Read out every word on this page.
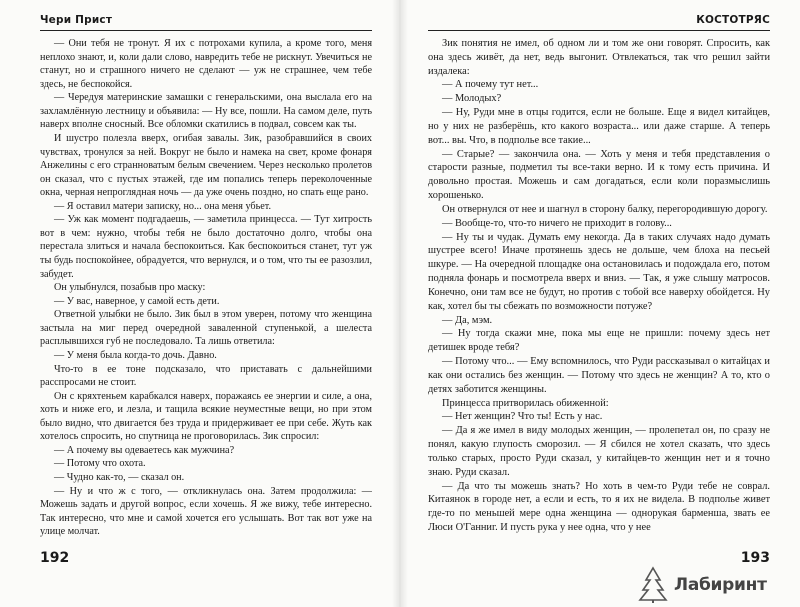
Чери Прист

— Они тебя не тронут. Я их с потрохами купила, а кроме того, меня неплохо знают, и, коли дали слово, навредить тебе не рискнут. Увечиться не станут, но и страшного ничего не сделают — уж не страшнее, чем тебе здесь, не беспокойся.

— Чередуя материнские замашки с генеральскими, она выслала его на захламлённую лестницу и объявила: — Ну все, пошли. На самом деле, путь наверх вполне сносный. Все обломки скатились в подвал, совсем как ты.

И шустро полезла вверх, огибая завалы. Зик, разобравшийся в своих чувствах, тронулся за ней. Вокруг не было и намека на свет, кроме фонаря Анжелины с его странноватым белым свечением. Через несколько пролетов он сказал, что с пустых этажей, где им попались теперь переколоченные окна, черная непроглядная ночь — да уже очень поздно, но спать еще рано.

— Я оставил матери записку, но... она меня убьет.

— Уж как момент подгадаешь, — заметила принцесса. — Тут хитрость вот в чем: нужно, чтобы тебя не было достаточно долго, чтобы она перестала злиться и начала беспокоиться. Как беспокоиться станет, тут уж ты будь поспокойнее, обрадуется, что вернулся, и о том, что ты ее разозлил, забудет.

Он улыбнулся, позабыв про маску:

— У вас, наверное, у самой есть дети.

Ответной улыбки не было. Зик был в этом уверен, потому что женщина застыла на миг перед очередной заваленной ступенькой, а шелеста расплывшихся губ не последовало. Та лишь ответила:

— У меня была когда-то дочь. Давно.

Что-то в ее тоне подсказало, что приставать с дальнейшими расспросами не стоит.

Он с кряхтеньем карабкался наверх, поражаясь ее энергии и силе, а она, хоть и ниже его, и лезла, и тащила всякие неуместные вещи, но при этом было видно, что двигается без труда и придерживает ее при себе. Жуть как хотелось спросить, но спутница не проговорилась. Зик спросил:

— А почему вы одеваетесь как мужчина?

— Потому что охота.

— Чудно как-то, — сказал он.

— Ну и что ж с того, — откликнулась она. Затем продолжила: — Можешь задать и другой вопрос, если хочешь. Я же вижу, тебе интересно. Так интересно, что мне и самой хочется его услышать. Вот так вот уже на улице молчат.

192
КОСТОТРЯС

Зик понятия не имел, об одном ли и том же они говорят. Спросить, как она здесь живёт, да нет, ведь выгонит. Отвлекаться, так что решил зайти издалека:

— А почему тут нет...

— Молодых?

— Ну, Руди мне в отцы годится, если не больше. Еще я видел китайцев, но у них не разберёшь, кто какого возраста... или даже старше. А теперь вот... вы. Что, в подполье все такие...

— Старые? — закончила она. — Хоть у меня и тебя представления о старости разные, подметил ты все-таки верно. И к тому есть причина. И довольно простая. Можешь и сам догадаться, если коли поразмыслишь хорошенько.

Он отвернулся от нее и шагнул в сторону балку, перегородившую дорогу.

— Вообще-то, что-то ничего не приходит в голову...

— Ну ты и чудак. Думать ему некогда. Да в таких случаях надо думать шустрее всего! Иначе протянешь здесь не дольше, чем блоха на песьей шкуре. — На очередной площадке она остановилась и подождала его, потом подняла фонарь и посмотрела вверх и вниз. — Так, я уже слышу матросов. Конечно, они там все не будут, но против с тобой все наверху обойдется. Ну как, хотел бы ты сбежать по возможности потуже?

— Да, мэм.

— Ну тогда скажи мне, пока мы еще не пришли: почему здесь нет детишек вроде тебя?

— Потому что... — Ему вспомнилось, что Руди рассказывал о китайцах и как они остались без женщин. — Потому что здесь не женщин? А то, кто о детях заботится женщины.

Принцесса притворилась обиженной:

— Нет женщин? Что ты! Есть у нас.

— Да я же имел в виду молодых женщин, — пролепетал он, по сразу не понял, какую глупость сморозил. — Я сбился не хотел сказать, что здесь только старых, просто Руди сказал, у китайцев-то женщин нет и я точно знаю. Руди сказал.

— Да что ты можешь знать? Но хоть в чем-то Руди тебе не соврал. Китаянок в городе нет, а если и есть, то я их не видела. В подполье живет где-то по меньшей мере одна женщина — однорукая барменша, звать ее Люси О'Ганниг. И пусть рука у нее одна, что у нее

193
Лабиринт
